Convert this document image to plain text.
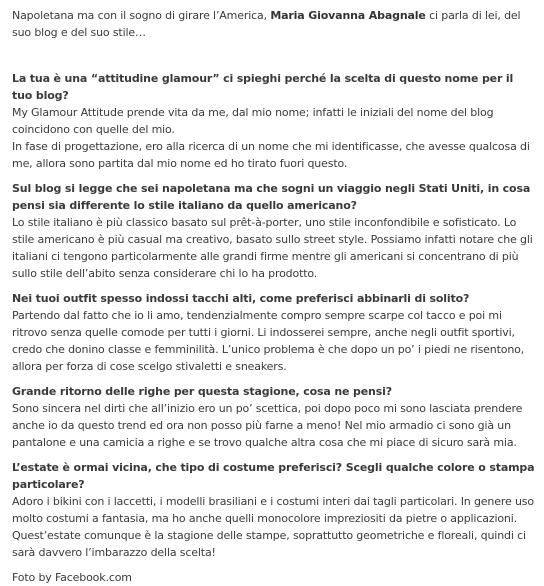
Napoletana ma con il sogno di girare l’America, Maria Giovanna Abagnale ci parla di lei, del suo blog e del suo stile…

La tua è una “attitudine glamour” ci spieghi perché la scelta di questo nome per il tuo blog?

My Glamour Attitude prende vita da me, dal mio nome; infatti le iniziali del nome del blog coincidono con quelle del mio.

In fase di progettazione, ero alla ricerca di un nome che mi identificasse, che avesse qualcosa di me, allora sono partita dal mio nome ed ho tirato fuori questo.

Sul blog si legge che sei napoletana ma che sogni un viaggio negli Stati Uniti, in cosa pensi sia differente lo stile italiano da quello americano?

Lo stile italiano è più classico basato sul prêt-à-porter, uno stile inconfondibile e sofisticato. Lo stile americano è più casual ma creativo, basato sullo street style. Possiamo infatti notare che gli italiani ci tengono particolarmente alle grandi firme mentre gli americani si concentrano di più sullo stile dell’abito senza considerare chi lo ha prodotto.

Nei tuoi outfit spesso indossi tacchi alti, come preferisci abbinarli di solito?

Partendo dal fatto che io li amo, tendenzialmente compro sempre scarpe col tacco e poi mi ritrovo senza quelle comode per tutti i giorni. Li indosserei sempre, anche negli outfit sportivi, credo che donino classe e femminilità. L’unico problema è che dopo un po’ i piedi ne risentono, allora per forza di cose scelgo stivaletti e sneakers.

Grande ritorno delle righe per questa stagione, cosa ne pensi?

Sono sincera nel dirti che all’inizio ero un po’ scettica, poi dopo poco mi sono lasciata prendere anche io da questo trend ed ora non posso più farne a meno! Nel mio armadio ci sono già un pantalone e una camicia a righe e se trovo qualche altra cosa che mi piace di sicuro sarà mia.

L’estate è ormai vicina, che tipo di costume preferisci? Scegli qualche colore o stampa particolare?

Adoro i bikini con i laccetti, i modelli brasiliani e i costumi interi dai tagli particolari. In genere uso molto costumi a fantasia, ma ho anche quelli monocolore impreziositi da pietre o applicazioni. Quest’estate comunque è la stagione delle stampe, soprattutto geometriche e floreali, quindi ci sarà davvero l’imbarazzo della scelta!

Foto by Facebook.com
